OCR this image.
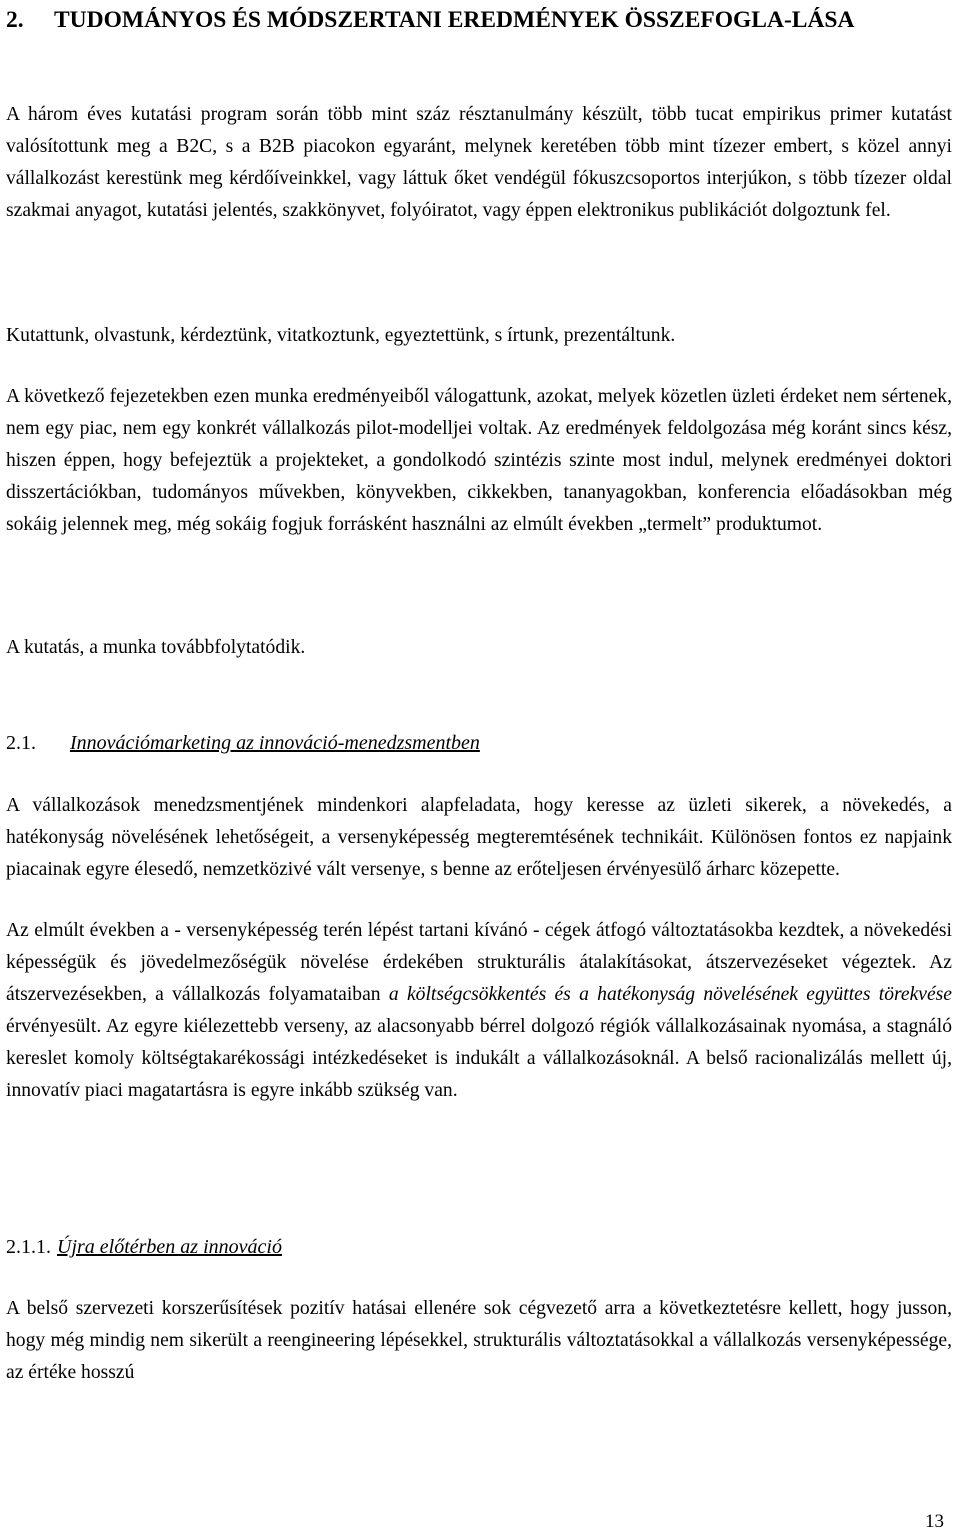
2. TUDOMÁNYOS ÉS MÓDSZERTANI EREDMÉNYEK ÖSSZEFOGLA-LÁSA

A három éves kutatási program során több mint száz résztanulmány készült, több tucat empirikus primer kutatást valósítottunk meg a B2C, s a B2B piacokon egyaránt, melynek keretében több mint tízezer embert, s közel annyi vállalkozást kerestünk meg kérdőíveinkkel, vagy láttuk őket vendégül fókuszcsoportos interjúkon, s több tízezer oldal szakmai anyagot, kutatási jelentés, szakkönyvet, folyóiratot, vagy éppen elektronikus publikációt dolgoztunk fel.

Kutattunk, olvastunk, kérdeztünk, vitatkoztunk, egyeztettünk, s írtunk, prezentáltunk.

A következő fejezetekben ezen munka eredményeiből válogattunk, azokat, melyek közetlen üzleti érdeket nem sértenek, nem egy piac, nem egy konkrét vállalkozás pilot-modelljei voltak. Az eredmények feldolgozása még koránt sincs kész, hiszen éppen, hogy befejeztük a projekteket, a gondolkodó szintézis szinte most indul, melynek eredményei doktori disszertációkban, tudományos művekben, könyvekben, cikkekben, tananyagokban, konferencia előadásokban még sokáig jelennek meg, még sokáig fogjuk forrásként használni az elmúlt években „termelt” produktumot.

A kutatás, a munka továbbfolytatódik.

2.1. Innovációmarketing az innováció-menedzsmentben

A vállalkozások menedzsmentjének mindenkori alapfeladata, hogy keresse az üzleti sikerek, a növekedés, a hatékonyság növelésének lehetőségeit, a versenyképesség megteremtésének technikáit. Különösen fontos ez napjaink piacainak egyre élesedő, nemzetközivé vált versenye, s benne az erőteljesen érvényesülő árharc közepette.

Az elmúlt években a - versenyképesség terén lépést tartani kívánó - cégek átfogó változtatásokba kezdtek, a növekedési képességük és jövedelmezőségük növelése érdekében strukturális átalakításokat, átszervezéseket végeztek. Az átszervezésekben, a vállalkozás folyamataiban a költségcsökkentés és a hatékonyság növelésének együttes törekvése érvényesült. Az egyre kiélezettebb verseny, az alacsonyabb bérrel dolgozó régiók vállalkozásainak nyomása, a stagnáló kereslet komoly költségtakarékossági intézkedéseket is indukált a vállalkozásoknál. A belső racionalizálás mellett új, innovatív piaci magatartásra is egyre inkább szükség van.

2.1.1. Újra előtérben az innováció

A belső szervezeti korszerűsítések pozitív hatásai ellenére sok cégvezető arra a következtetésre kellett, hogy jusson, hogy még mindig nem sikerült a reengineering lépésekkel, strukturális változtatásokkal a vállalkozás versenyképessége, az értéke hosszú

13
